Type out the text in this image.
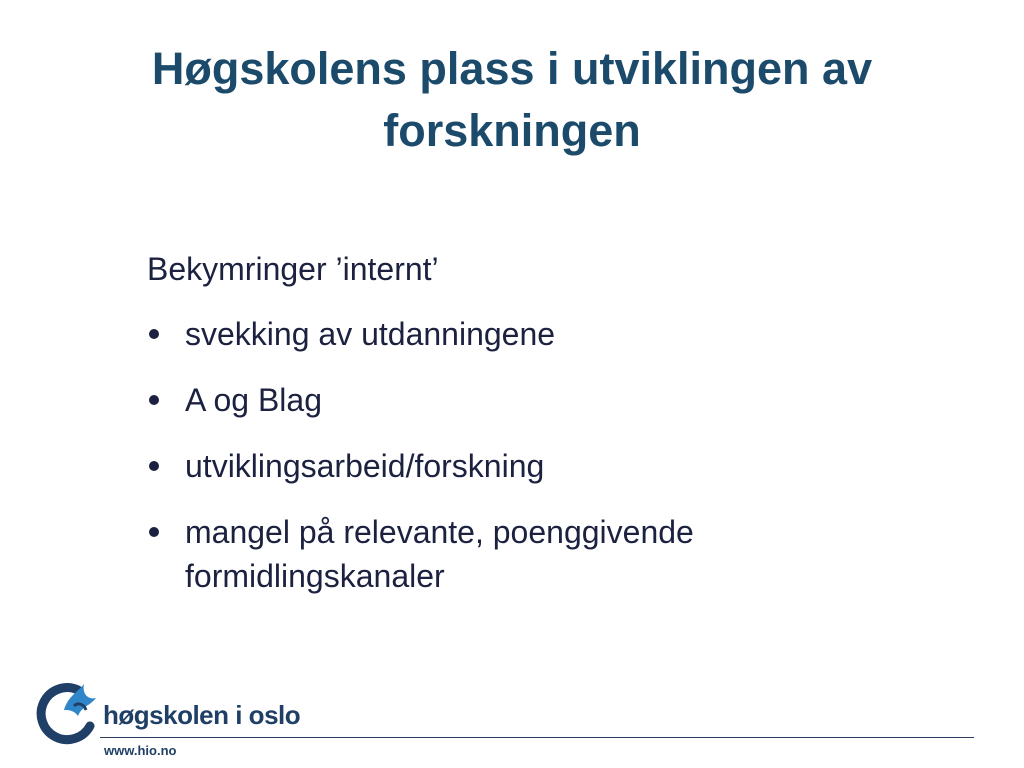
Høgskolens plass i utviklingen av forskningen
Bekymringer ’internt’
svekking av utdanningene
A og Blag
utviklingsarbeid/forskning
mangel på relevante, poenggivende formidlingskanaler
høgskolen i oslo
www.hio.no
